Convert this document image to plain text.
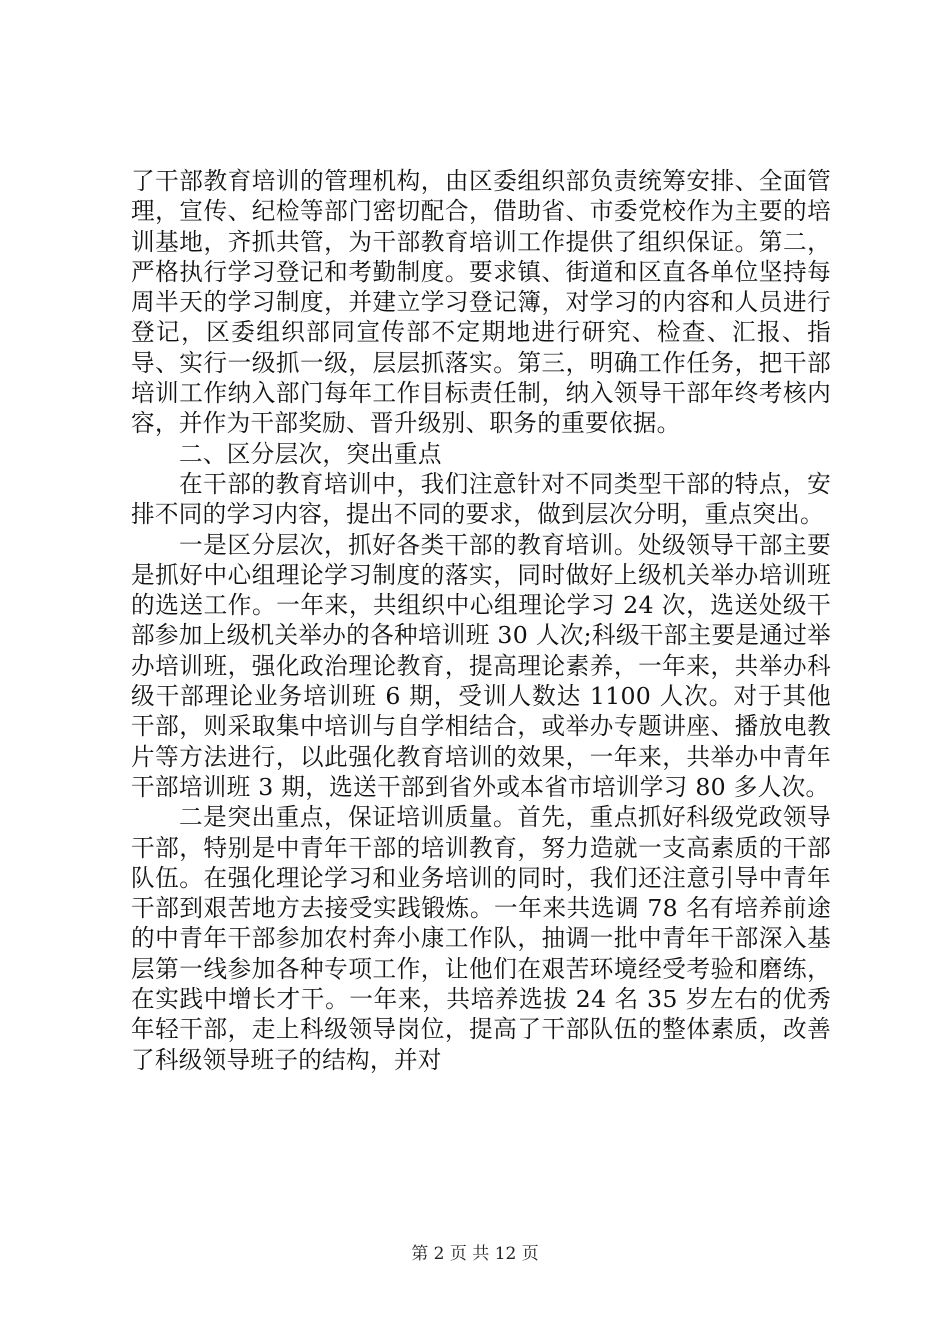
了干部教育培训的管理机构，由区委组织部负责统筹安排、全面管理，宣传、纪检等部门密切配合，借助省、市委党校作为主要的培训基地，齐抓共管，为干部教育培训工作提供了组织保证。第二，严格执行学习登记和考勤制度。要求镇、街道和区直各单位坚持每周半天的学习制度，并建立学习登记簿，对学习的内容和人员进行登记，区委组织部同宣传部不定期地进行研究、检查、汇报、指导、实行一级抓一级，层层抓落实。第三，明确工作任务，把干部培训工作纳入部门每年工作目标责任制，纳入领导干部年终考核内容，并作为干部奖励、晋升级别、职务的重要依据。

二、区分层次，突出重点

在干部的教育培训中，我们注意针对不同类型干部的特点，安排不同的学习内容，提出不同的要求，做到层次分明，重点突出。

一是区分层次，抓好各类干部的教育培训。处级领导干部主要是抓好中心组理论学习制度的落实，同时做好上级机关举办培训班的选送工作。一年来，共组织中心组理论学习 24 次，选送处级干部参加上级机关举办的各种培训班 30 人次;科级干部主要是通过举办培训班，强化政治理论教育，提高理论素养，一年来，共举办科级干部理论业务培训班 6 期，受训人数达 1100 人次。对于其他干部，则采取集中培训与自学相结合，或举办专题讲座、播放电教片等方法进行，以此强化教育培训的效果，一年来，共举办中青年干部培训班 3 期，选送干部到省外或本省市培训学习 80 多人次。

二是突出重点，保证培训质量。首先，重点抓好科级党政领导干部，特别是中青年干部的培训教育，努力造就一支高素质的干部队伍。在强化理论学习和业务培训的同时，我们还注意引导中青年干部到艰苦地方去接受实践锻炼。一年来共选调 78 名有培养前途的中青年干部参加农村奔小康工作队，抽调一批中青年干部深入基层第一线参加各种专项工作，让他们在艰苦环境经受考验和磨练，在实践中增长才干。一年来，共培养选拔 24 名 35 岁左右的优秀年轻干部，走上科级领导岗位，提高了干部队伍的整体素质，改善了科级领导班子的结构，并对

第 2 页 共 12 页
